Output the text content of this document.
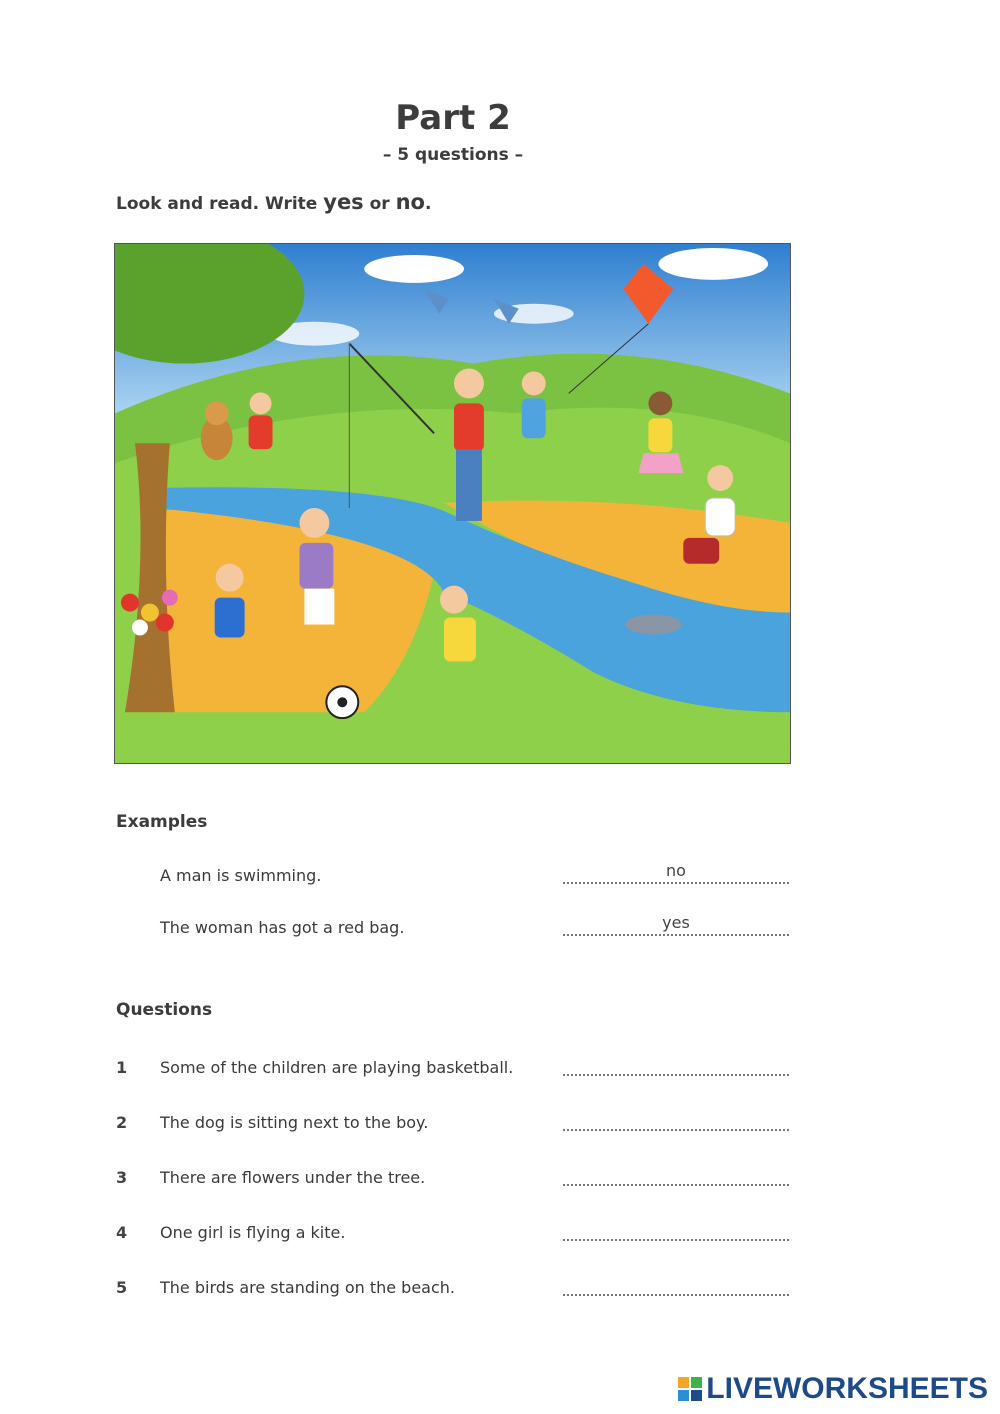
Part 2
– 5 questions –
Look and read. Write yes or no.
Examples
A man is swimming.	no
The woman has got a red bag.	yes
Questions
1	Some of the children are playing basketball.
2	The dog is sitting next to the boy.
3	There are flowers under the tree.
4	One girl is flying a kite.
5	The birds are standing on the beach.
LIVEWORKSHEETS
